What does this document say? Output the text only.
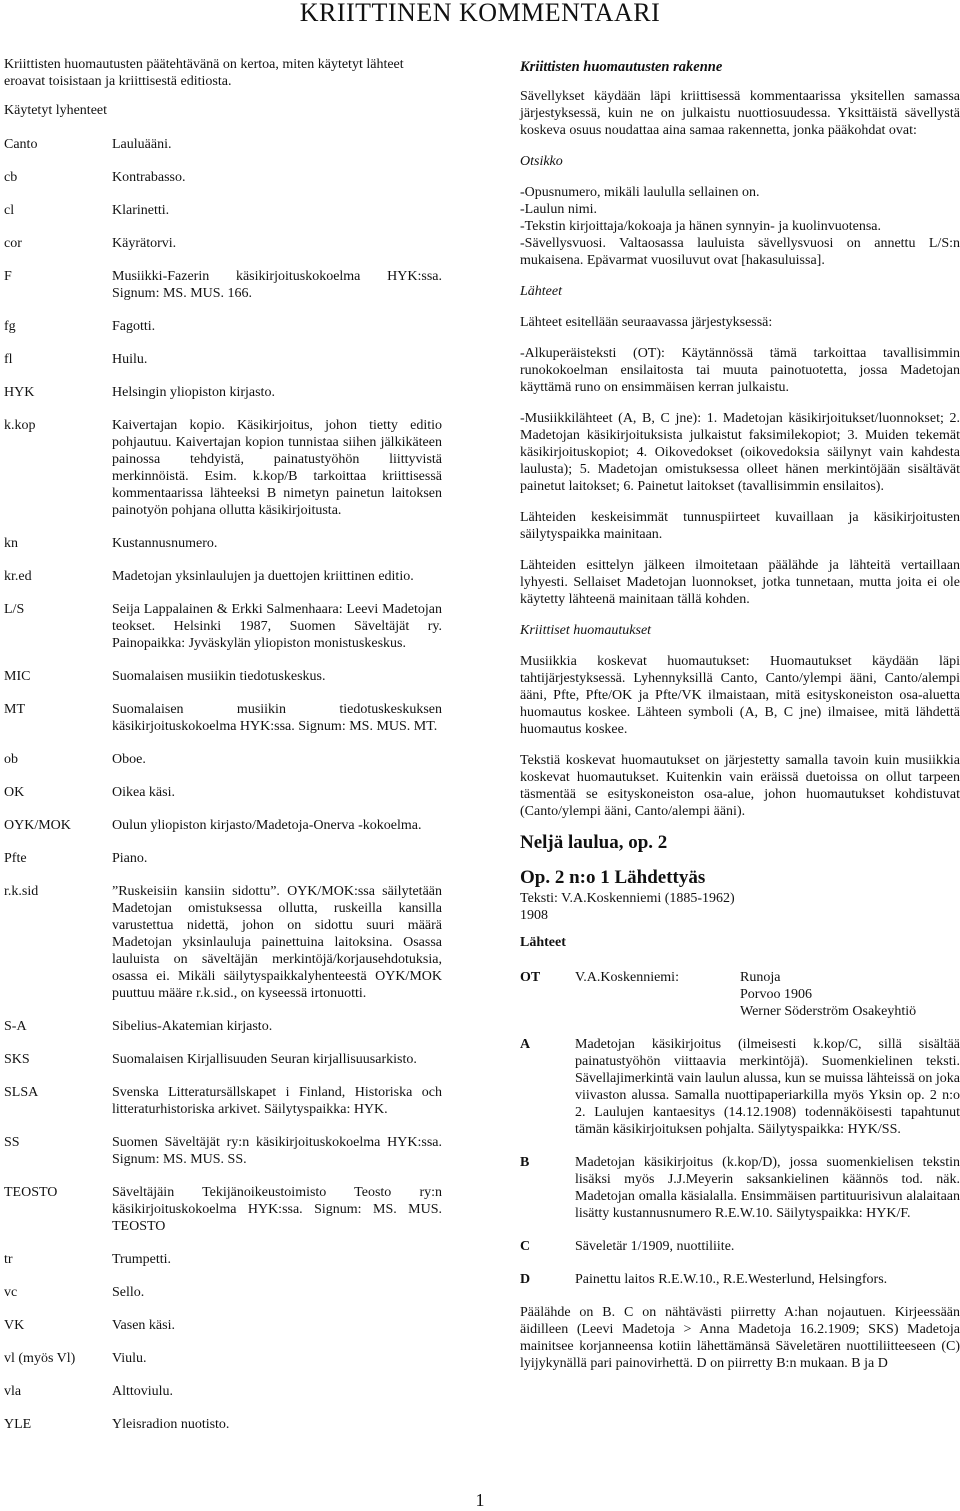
KRIITTINEN KOMMENTAARI

Kriittisten huomautusten päätehtävänä on kertoa, miten käytetyt lähteet eroavat toisistaan ja kriittisestä editiosta.

Käytetyt lyhenteet

Canto	Lauluääni.
cb	Kontrabasso.
cl	Klarinetti.
cor	Käyrätorvi.
F	Musiikki-Fazerin käsikirjoituskokoelma HYK:ssa. Signum: MS. MUS. 166.
fg	Fagotti.
fl	Huilu.
HYK	Helsingin yliopiston kirjasto.
k.kop	Kaivertajan kopio. Käsikirjoitus, johon tietty editio pohjautuu. Kaivertajan kopion tunnistaa siihen jälkikäteen painossa tehdyistä, painatustyöhön liittyvistä merkinnöistä. Esim. k.kop/B tarkoittaa kriittisessä kommentaarissa lähteeksi B nimetyn painetun laitoksen painotyön pohjana ollutta käsikirjoitusta.
kn	Kustannusnumero.
kr.ed	Madetojan yksinlaulujen ja duettojen kriittinen editio.
L/S	Seija Lappalainen & Erkki Salmenhaara: Leevi Madetojan teokset. Helsinki 1987, Suomen Säveltäjät ry. Painopaikka: Jyväskylän yliopiston monistuskeskus.
MIC	Suomalaisen musiikin tiedotuskeskus.
MT	Suomalaisen musiikin tiedotuskeskuksen käsikirjoituskokoelma HYK:ssa. Signum: MS. MUS. MT.
ob	Oboe.
OK	Oikea käsi.
OYK/MOK	Oulun yliopiston kirjasto/Madetoja-Onerva -kokoelma.
Pfte	Piano.
r.k.sid	”Ruskeisiin kansiin sidottu”. OYK/MOK:ssa säilytetään Madetojan omistuksessa ollutta, ruskeilla kansilla varustettua nidettä, johon on sidottu suuri määrä Madetojan yksinlauluja painettuina laitoksina. Osassa lauluista on säveltäjän merkintöjä/korjausehdotuksia, osassa ei. Mikäli säilytyspaikkalyhenteestä OYK/MOK puuttuu määre r.k.sid., on kyseessä irtonuotti.
S-A	Sibelius-Akatemian kirjasto.
SKS	Suomalaisen Kirjallisuuden Seuran kirjallisuusarkisto.
SLSA	Svenska Litteratursällskapet i Finland, Historiska och litteraturhistoriska arkivet. Säilytyspaikka: HYK.
SS	Suomen Säveltäjät ry:n käsikirjoituskokoelma HYK:ssa. Signum: MS. MUS. SS.
TEOSTO	Säveltäjäin Tekijänoikeustoimisto Teosto ry:n käsikirjoituskokoelma HYK:ssa. Signum: MS. MUS. TEOSTO
tr	Trumpetti.
vc	Sello.
VK	Vasen käsi.
vl (myös Vl)	Viulu.
vla	Alttoviulu.
YLE	Yleisradion nuotisto.

Kriittisten huomautusten rakenne

Sävellykset käydään läpi kriittisessä kommentaarissa yksitellen samassa järjestyksessä, kuin ne on julkaistu nuottiosuudessa. Yksittäistä sävellystä koskeva osuus noudattaa aina samaa rakennetta, jonka pääkohdat ovat:

Otsikko

-Opusnumero, mikäli laululla sellainen on.

-Laulun nimi.

-Tekstin kirjoittaja/kokoaja ja hänen synnyin- ja kuolinvuotensa.

-Sävellysvuosi. Valtaosassa lauluista sävellysvuosi on annettu L/S:n mukaisena. Epävarmat vuosiluvut ovat [hakasuluissa].

Lähteet

Lähteet esitellään seuraavassa järjestyksessä:

-Alkuperäisteksti (OT): Käytännössä tämä tarkoittaa tavallisimmin runokokoelman ensilaitosta tai muuta painotuotetta, jossa Madetojan käyttämä runo on ensimmäisen kerran julkaistu.

-Musiikkilähteet (A, B, C jne): 1. Madetojan käsikirjoitukset/luonnokset; 2. Madetojan käsikirjoituksista julkaistut faksimilekopiot; 3. Muiden tekemät käsikirjoituskopiot; 4. Oikovedokset (oikovedoksia säilynyt vain kahdesta laulusta); 5. Madetojan omistuksessa olleet hänen merkintöjään sisältävät painetut laitokset; 6. Painetut laitokset (tavallisimmin ensilaitos).

Lähteiden keskeisimmät tunnuspiirteet kuvaillaan ja käsikirjoitusten säilytyspaikka mainitaan.

Lähteiden esittelyn jälkeen ilmoitetaan päälähde ja lähteitä vertaillaan lyhyesti. Sellaiset Madetojan luonnokset, jotka tunnetaan, mutta joita ei ole käytetty lähteenä mainitaan tällä kohden.

Kriittiset huomautukset

Musiikkia koskevat huomautukset: Huomautukset käydään läpi tahtijärjestyksessä. Lyhennyksillä Canto, Canto/ylempi ääni, Canto/alempi ääni, Pfte, Pfte/OK ja Pfte/VK ilmaistaan, mitä esityskoneiston osa-aluetta huomautus koskee. Lähteen symboli (A, B, C jne) ilmaisee, mitä lähdettä huomautus koskee.

Tekstiä koskevat huomautukset on järjestetty samalla tavoin kuin musiikkia koskevat huomautukset. Kuitenkin vain eräissä duetoissa on ollut tarpeen täsmentää se esityskoneiston osa-alue, johon huomautukset kohdistuvat (Canto/ylempi ääni, Canto/alempi ääni).

Neljä laulua, op. 2

Op. 2 n:o 1 Lähdettyäs

Teksti: V.A.Koskenniemi (1885-1962)

1908

Lähteet

OT	V.A.Koskenniemi:	Runoja

Porvoo 1906

Werner Söderström Osakeyhtiö

A	Madetojan käsikirjoitus (ilmeisesti k.kop/C, sillä sisältää painatustyöhön viittaavia merkintöjä). Suomenkielinen teksti. Sävellajimerkintä vain laulun alussa, kun se muissa lähteissä on joka viivaston alussa. Samalla nuottipaperiarkilla myös Yksin op. 2 n:o 2. Laulujen kantaesitys (14.12.1908) todennäköisesti tapahtunut tämän käsikirjoituksen pohjalta. Säilytyspaikka: HYK/SS.
B	Madetojan käsikirjoitus (k.kop/D), jossa suomenkielisen tekstin lisäksi myös J.J.Meyerin saksankielinen käännös tod. näk. Madetojan omalla käsialalla. Ensimmäisen partituurisivun alalaitaan lisätty kustannusnumero R.E.W.10. Säilytyspaikka: HYK/F.
C	Säveletär 1/1909, nuottiliite.
D	Painettu laitos R.E.W.10., R.E.Westerlund, Helsingfors.

Päälähde on B. C on nähtävästi piirretty A:han nojautuen. Kirjeessään äidilleen (Leevi Madetoja > Anna Madetoja 16.2.1909; SKS) Madetoja mainitsee korjanneensa kotiin lähettämänsä Säveletären nuottiliitteeseen (C) lyijykynällä pari painovirhettä. D on piirretty B:n mukaan. B ja D

1
